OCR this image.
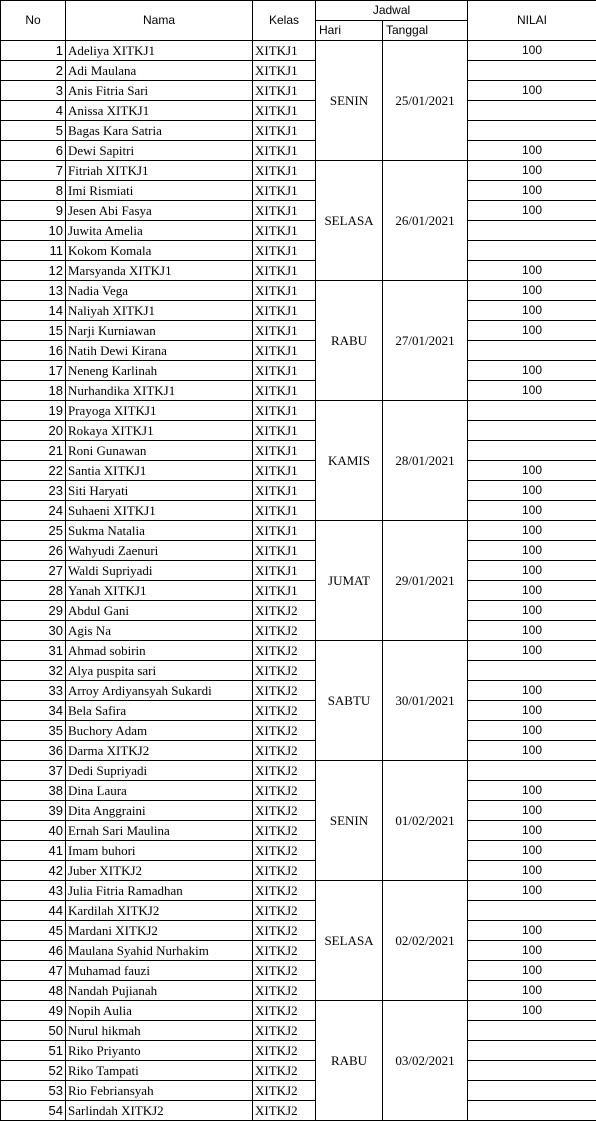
No	Nama	Kelas	Jadwal		NILAI
			Hari	Tanggal	
1	Adeliya XITKJ1	XITKJ1	SENIN	25/01/2021	100
2	Adi Maulana	XITKJ1			
3	Anis Fitria Sari	XITKJ1			100
4	Anissa XITKJ1	XITKJ1			
5	Bagas Kara Satria	XITKJ1			
6	Dewi Sapitri	XITKJ1			100
7	Fitriah XITKJ1	XITKJ1	SELASA	26/01/2021	100
8	Imi Rismiati	XITKJ1			100
9	Jesen Abi Fasya	XITKJ1			100
10	Juwita Amelia	XITKJ1			
11	Kokom Komala	XITKJ1			
12	Marsyanda XITKJ1	XITKJ1			100
13	Nadia Vega	XITKJ1	RABU	27/01/2021	100
14	Naliyah XITKJ1	XITKJ1			100
15	Narji Kurniawan	XITKJ1			100
16	Natih Dewi Kirana	XITKJ1			
17	Neneng Karlinah	XITKJ1			100
18	Nurhandika XITKJ1	XITKJ1			100
19	Prayoga XITKJ1	XITKJ1	KAMIS	28/01/2021	
20	Rokaya XITKJ1	XITKJ1			
21	Roni Gunawan	XITKJ1			
22	Santia XITKJ1	XITKJ1			100
23	Siti Haryati	XITKJ1			100
24	Suhaeni XITKJ1	XITKJ1			100
25	Sukma Natalia	XITKJ1	JUMAT	29/01/2021	100
26	Wahyudi Zaenuri	XITKJ1			100
27	Waldi Supriyadi	XITKJ1			100
28	Yanah XITKJ1	XITKJ1			100
29	Abdul Gani	XITKJ2			100
30	Agis Na	XITKJ2			100
31	Ahmad sobirin	XITKJ2	SABTU	30/01/2021	100
32	Alya puspita sari	XITKJ2			
33	Arroy Ardiyansyah Sukardi	XITKJ2			100
34	Bela Safira	XITKJ2			100
35	Buchory Adam	XITKJ2			100
36	Darma XITKJ2	XITKJ2			100
37	Dedi Supriyadi	XITKJ2	SENIN	01/02/2021	
38	Dina Laura	XITKJ2			100
39	Dita Anggraini	XITKJ2			100
40	Ernah Sari Maulina	XITKJ2			100
41	Imam buhori	XITKJ2			100
42	Juber XITKJ2	XITKJ2			100
43	Julia Fitria Ramadhan	XITKJ2	SELASA	02/02/2021	100
44	Kardilah XITKJ2	XITKJ2			
45	Mardani XITKJ2	XITKJ2			100
46	Maulana Syahid Nurhakim	XITKJ2			100
47	Muhamad fauzi	XITKJ2			100
48	Nandah Pujianah	XITKJ2			100
49	Nopih Aulia	XITKJ2	RABU	03/02/2021	100
50	Nurul hikmah	XITKJ2			
51	Riko Priyanto	XITKJ2			
52	Riko Tampati	XITKJ2			
53	Rio Febriansyah	XITKJ2			
54	Sarlindah XITKJ2	XITKJ2			
